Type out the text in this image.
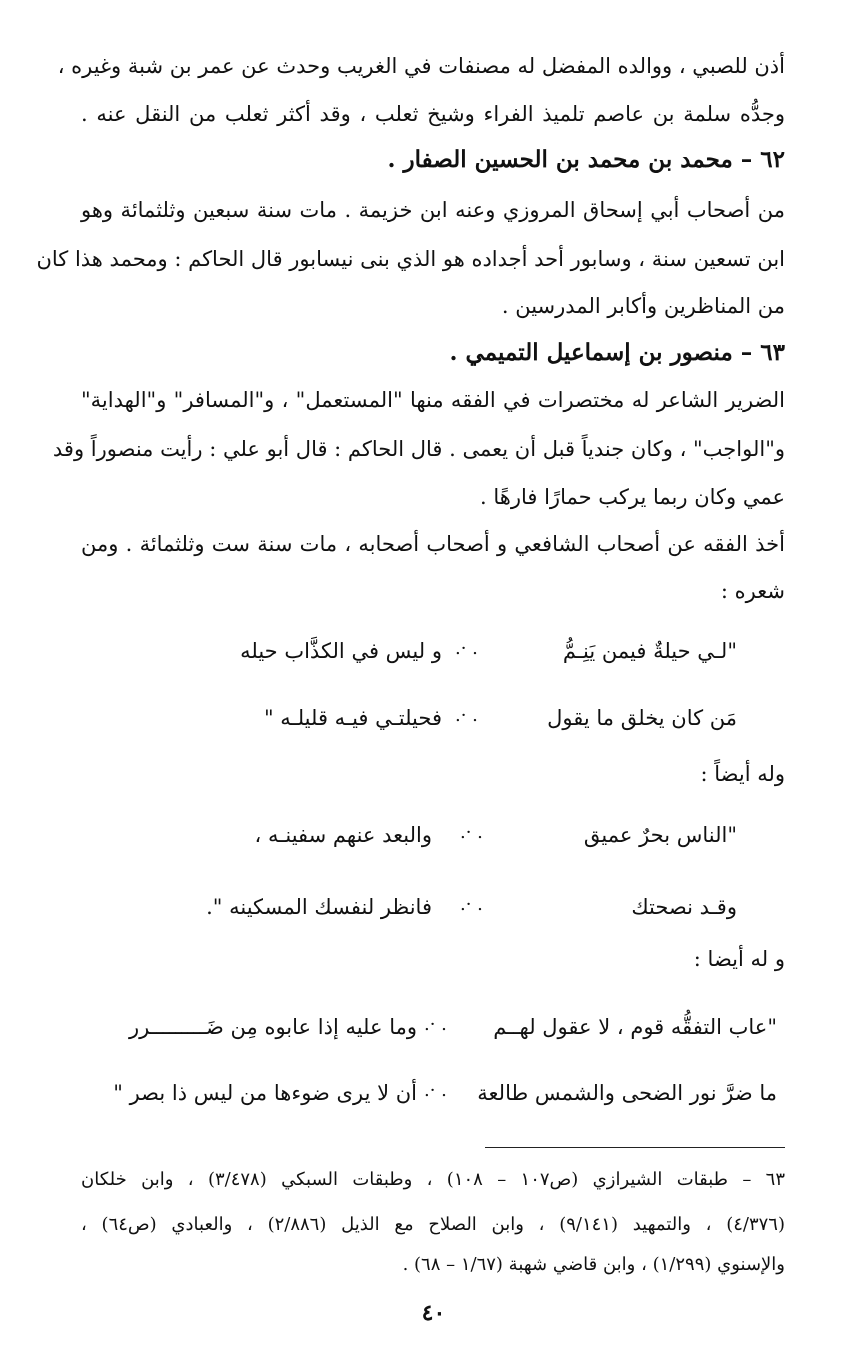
أذن للصبي ، ووالده المفضل له مصنفات في الغريب وحدث عن عمر بن شبة وغيره ،
وجدُّه سلمة بن عاصم تلميذ الفراء وشيخ ثعلب ، وقد أكثر ثعلب من النقل عنه .
٦٢ – محمد بن محمد بن الحسين الصفار .
من أصحاب أبي إسحاق المروزي وعنه ابن خزيمة . مات سنة سبعين وثلثمائة وهو
ابن تسعين سنة ، وسابور أحد أجداده هو الذي بنى نيسابور قال الحاكم : ومحمد هذا كان
من المناظرين وأكابر المدرسين .
٦٣ – منصور بن إسماعيل التميمي .
الضرير الشاعر له مختصرات في الفقه منها "المستعمل" ، و"المسافر" و"الهداية"
و"الواجب" ، وكان جندياً قبل أن يعمى . قال الحاكم : قال أبو علي : رأيت منصوراً وقد
عمي وكان ربما يركب حمارًا فارهًا .
أخذ الفقه عن أصحاب الشافعي و أصحاب أصحابه ، مات سنة ست وثلثمائة . ومن
شعره :
"لـي حيلةٌ فيمن يَنِـمُّ
. ·.
و ليس في الكذَّاب حيله
مَن كان يخلق ما يقول
. ·.
فحيلتـي فيـه قليلـه "
وله أيضاً :
"الناس بحرٌ عميق
. ·.
والبعد عنهم سفينـه ،
وقـد نصحتك
. ·.
فانظر لنفسك المسكينه ".
و له أيضا :
"عاب التفقُّه قوم ، لا عقول لهــم
. ·.
وما عليه إذا عابوه مِن ضَـــــــــرر
ما ضرَّ نور الضحى والشمس طالعة
. ·.
أن لا يرى ضوءها من ليس ذا بصر "
٦٣ – طبقات الشيرازي (ص١٠٧ – ١٠٨) ، وطبقات السبكي (٣/٤٧٨) ، وابن خلكان
(٤/٣٧٦) ، والتمهيد (٩/١٤١) ، وابن الصلاح مع الذيل (٢/٨٨٦) ، والعبادي (ص٦٤) ،
والإسنوي (١/٢٩٩) ، وابن قاضي شهبة (١/٦٧ – ٦٨) .
٤٠
